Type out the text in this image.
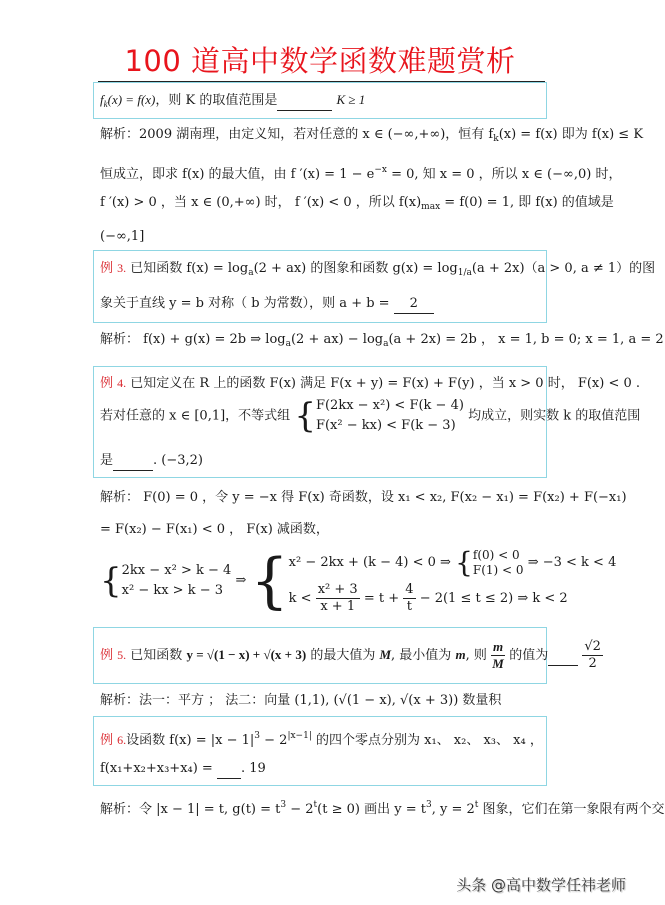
100 道高中数学函数难题赏析
$f_k(x) = f(x)$，则 K 的取值范围是	K ≥ 1
解析：2009 湖南理，由定义知，若对任意的 x ∈ (−∞,+∞)，恒有 $f_k(x) = f(x)$ 即为 f(x) ≤ K
恒成立，即求 f(x) 的最大值，由 f $'(x) = 1 - e^{-x} = 0$, 知 x = 0 ，所以 x ∈ (−∞,0) 时，
f ′(x) > 0 ，当 x ∈ (0,+∞) 时， f ′(x) < 0 ，所以 $f(x)_{max} = f(0) = 1$, 即 f(x) 的值域是
(−∞,1]
例 3. 已知函数 $f(x) = \log_a(2 + ax)$ 的图象和函数 $g(x) = \log_{1/a}(a + 2x)(a > 0$, a ≠ 1）的图
象关于直线 y = b 对称（ b 为常数），则 a + b = 2
解析： f(x) + g(x) = 2b ⇒ $\log_a(2 + ax) - \log_a(a + 2x) = 2b$ ， x = 1, b = 0; x = 1, a = 2
例 4. 已知定义在 R 上的函数 F(x) 满足 F(x + y) = F(x) + F(y) ，当 x > 0 时， F(x) < 0 .
若对任意的 x ∈ [0,1]，不等式组 { F(2kx − x²) < F(k − 4)
F(x² − kx) < F(k − 3)
均成立，则实数 k 的取值范围
是	. (−3,2)
解析： F(0) = 0 ，令 y = −x 得 F(x) 奇函数，设 x₁ < x₂, F(x₂ − x₁) = F(x₂) + F(−x₁)
= F(x₂) − F(x₁) < 0 ， F(x) 减函数，
{ 2kx − x² > k − 4
x² − kx > k − 3
⇒ { x² − 2kx + (k − 4) < 0 ⇒ { f(0) < 0
F(1) < 0 ⇒ −3 < k < 4
$k < \frac{\text{x² + 3}}{x + 1} = t + \frac{4}{t} - 2(1 \le t \le 2)$ ⇒ k < 2
例 5. 已知函数 y = √(1 − x) + √(x + 3) 的最大值为 M, 最小值为 m, 则 $\frac{m}{M}$ 的值为	$\frac{√2}{2}$
解析：法一：平方 ； 法二：向量 (1,1), (√(1 − x), √(x + 3)) 数量积
例 6.设函数 $f(x) = |x - 1|^3 - 2^{|x-1|}$ 的四个零点分别为 x₁、 x₂、 x₃、 x₄ ，
f(x₁+x₂+x₃+x₄) = . 19
解析：令 |x − 1| = t, $g(t) = t^3 - 2^t(t \ge 0)$ 画出 $y = t^3$, $y = 2^t$ 图象，它们在第一象限有两个交
头条 @高中数学任祎老师
